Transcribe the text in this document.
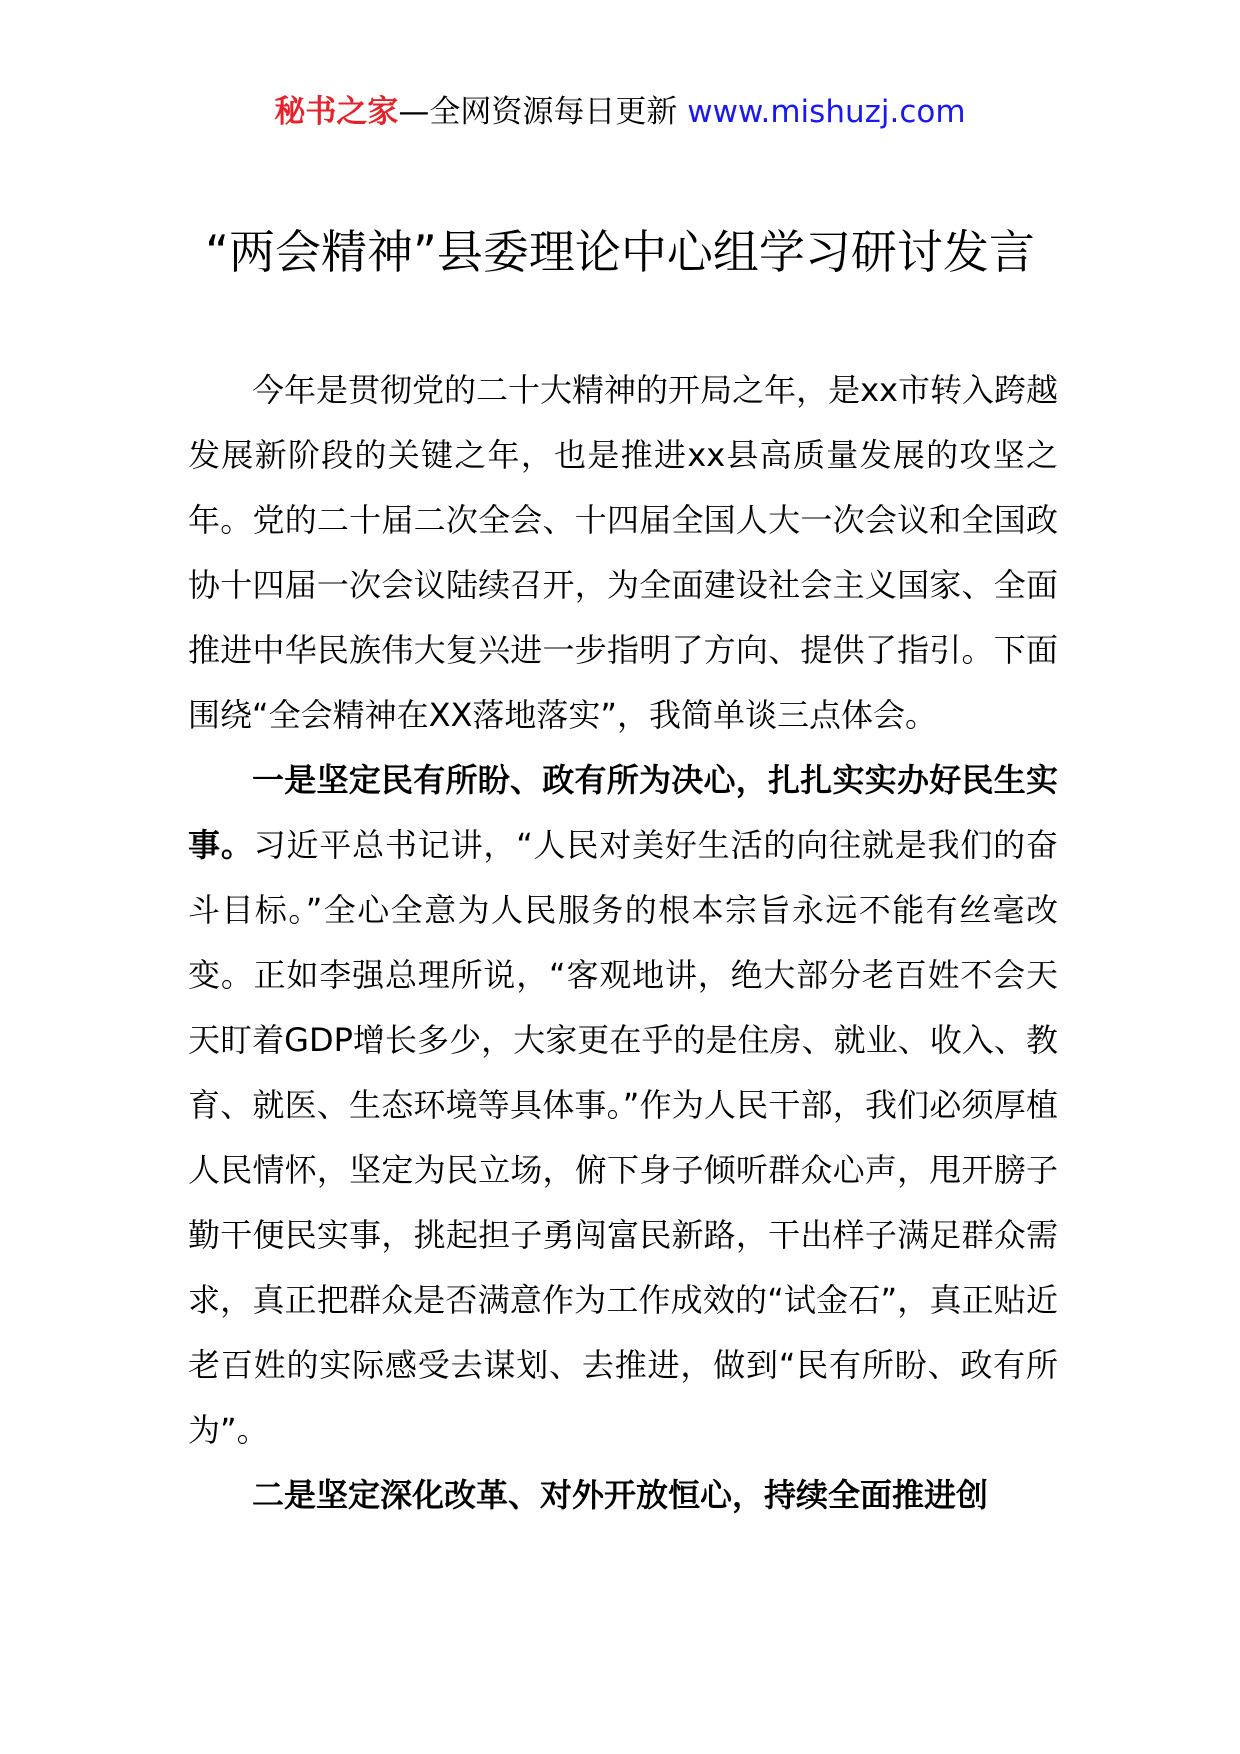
秘书之家—全网资源每日更新 www.mishuzj.com
“两会精神”县委理论中心组学习研讨发言

今年是贯彻党的二十大精神的开局之年，是xx市转入跨越发展新阶段的关键之年，也是推进xx县高质量发展的攻坚之年。党的二十届二次全会、十四届全国人大一次会议和全国政协十四届一次会议陆续召开，为全面建设社会主义国家、全面推进中华民族伟大复兴进一步指明了方向、提供了指引。下面围绕“全会精神在XX落地落实”，我简单谈三点体会。

一是坚定民有所盼、政有所为决心，扎扎实实办好民生实事。习近平总书记讲，“人民对美好生活的向往就是我们的奋斗目标。”全心全意为人民服务的根本宗旨永远不能有丝毫改变。正如李强总理所说，“客观地讲，绝大部分老百姓不会天天盯着GDP增长多少，大家更在乎的是住房、就业、收入、教育、就医、生态环境等具体事。”作为人民干部，我们必须厚植人民情怀，坚定为民立场，俯下身子倾听群众心声，甩开膀子勤干便民实事，挑起担子勇闯富民新路，干出样子满足群众需求，真正把群众是否满意作为工作成效的“试金石”，真正贴近老百姓的实际感受去谋划、去推进，做到“民有所盼、政有所为”。

二是坚定深化改革、对外开放恒心，持续全面推进创
